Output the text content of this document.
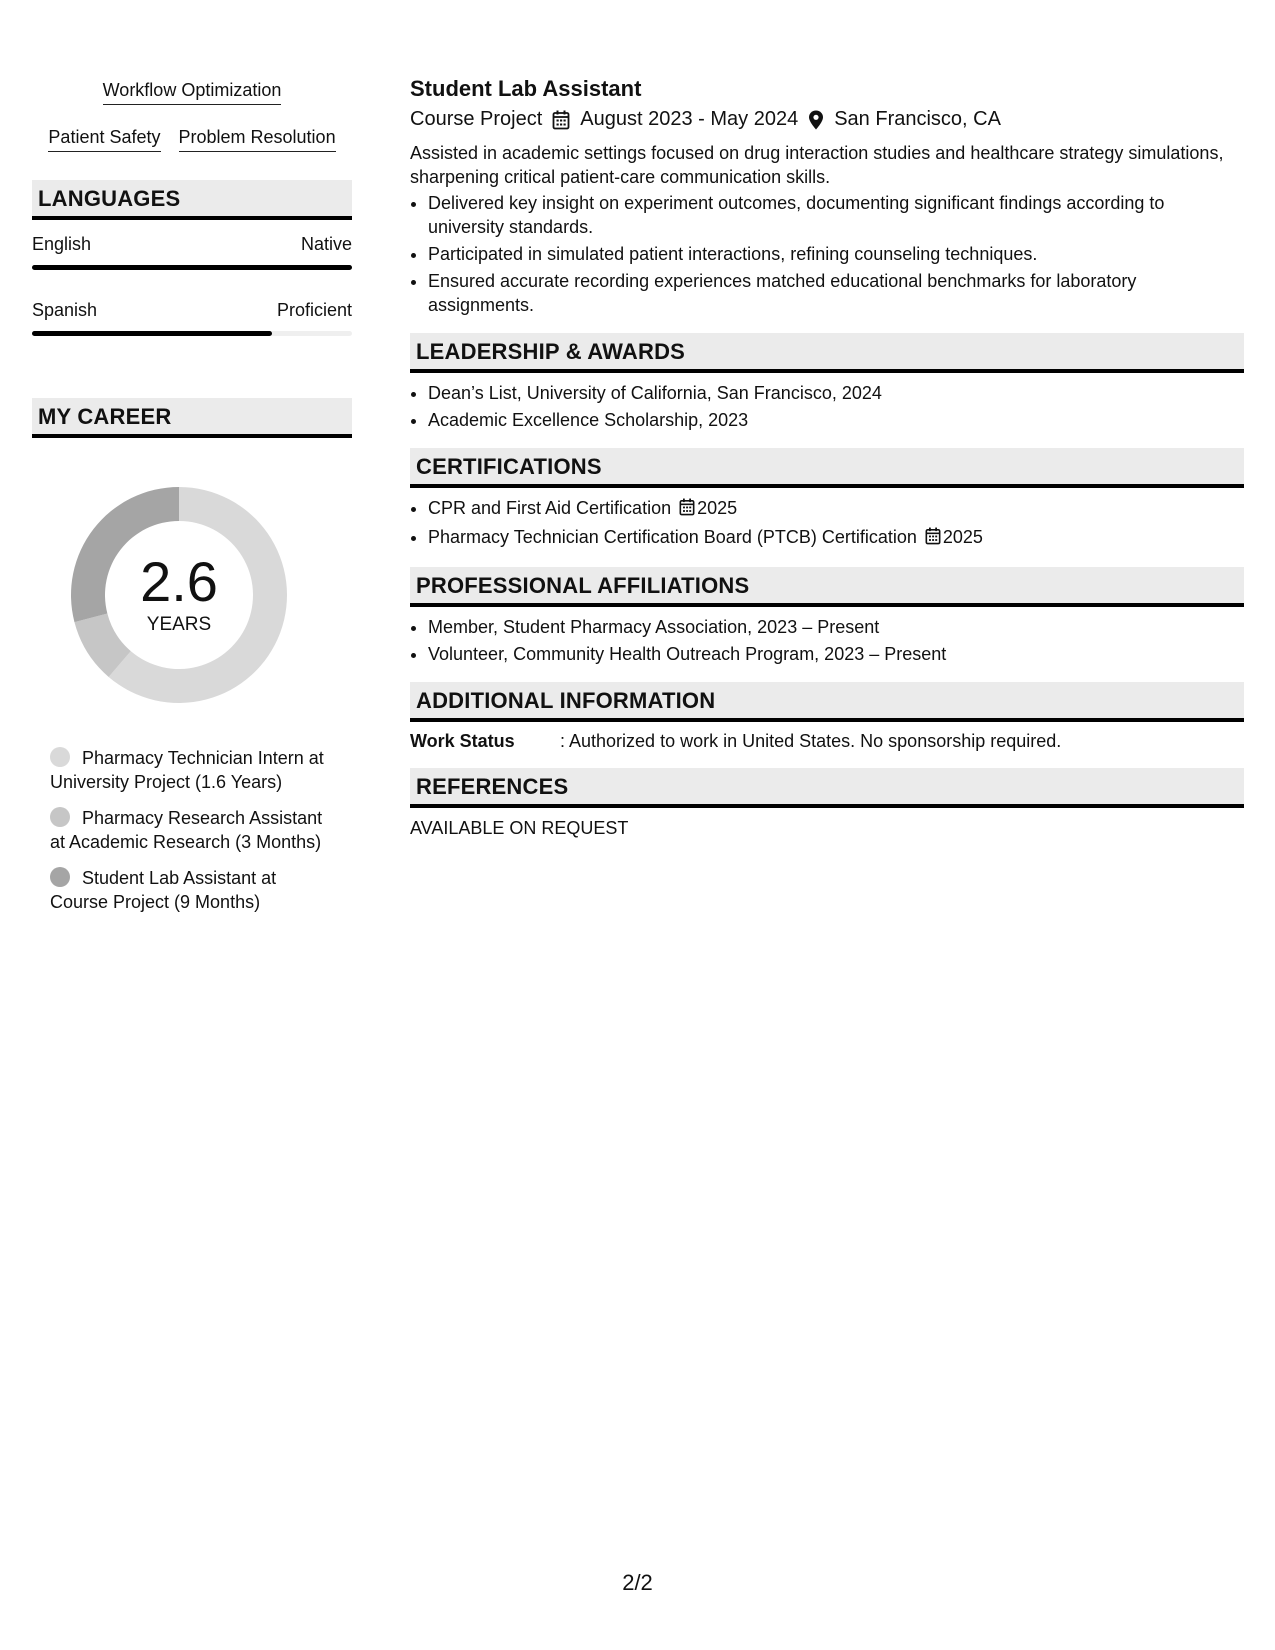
Workflow Optimization
Patient Safety Problem Resolution
LANGUAGES
English	Native
Spanish	Proficient
MY CAREER
2.6
YEARS
Pharmacy Technician Intern at University Project (1.6 Years)
Pharmacy Research Assistant at Academic Research (3 Months)
Student Lab Assistant at Course Project (9 Months)
Student Lab Assistant
Course Project August 2023 - May 2024 San Francisco, CA
Assisted in academic settings focused on drug interaction studies and healthcare strategy simulations, sharpening critical patient-care communication skills.
• Delivered key insight on experiment outcomes, documenting significant findings according to university standards.
• Participated in simulated patient interactions, refining counseling techniques.
• Ensured accurate recording experiences matched educational benchmarks for laboratory assignments.
LEADERSHIP & AWARDS
• Dean’s List, University of California, San Francisco, 2024
• Academic Excellence Scholarship, 2023
CERTIFICATIONS
• CPR and First Aid Certification 2025
• Pharmacy Technician Certification Board (PTCB) Certification 2025
PROFESSIONAL AFFILIATIONS
• Member, Student Pharmacy Association, 2023 – Present
• Volunteer, Community Health Outreach Program, 2023 – Present
ADDITIONAL INFORMATION
Work Status	: Authorized to work in United States. No sponsorship required.
REFERENCES
AVAILABLE ON REQUEST
2/2
